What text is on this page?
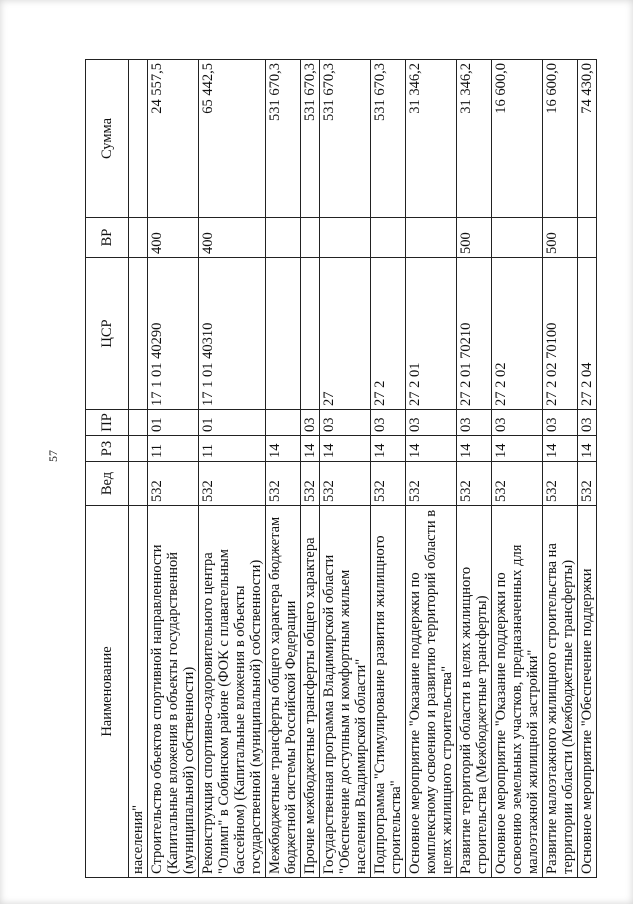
57
Наименование	Вед	РЗ	ПР	ЦСР	ВР	Сумма
населения"						
Строительство объектов спортивной направленности (Капитальные вложения в объекты государственной (муниципальной) собственности)	532	11	01	17 1 01 40290	400	24 557,5
Реконструкция спортивно-оздоровительного центра "Олимп" в Собинском районе (ФОК с плавательным бассейном) (Капитальные вложения в объекты государственной (муниципальной) собственности)	532	11	01	17 1 01 40310	400	65 442,5
Межбюджетные трансферты общего характера бюджетам бюджетной системы Российской Федерации	532	14				531 670,3
Прочие межбюджетные трансферты общего характера	532	14	03			531 670,3
Государственная программа Владимирской области "Обеспечение доступным и комфортным жильем населения Владимирской области"	532	14	03	27		531 670,3
Подпрограмма "Стимулирование развития жилищного строительства"	532	14	03	27 2		531 670,3
Основное мероприятие "Оказание поддержки по комплексному освоению и развитию территорий области в целях жилищного строительства"	532	14	03	27 2 01		31 346,2
Развитие территорий области в целях жилищного строительства (Межбюджетные трансферты)	532	14	03	27 2 01 70210	500	31 346,2
Основное мероприятие "Оказание поддержки по освоению земельных участков, предназначенных для малоэтажной жилищной застройки"	532	14	03	27 2 02		16 600,0
Развитие малоэтажного жилищного строительства на территории области (Межбюджетные трансферты)	532	14	03	27 2 02 70100	500	16 600,0
Основное мероприятие "Обеспечение поддержки	532	14	03	27 2 04		74 430,0
